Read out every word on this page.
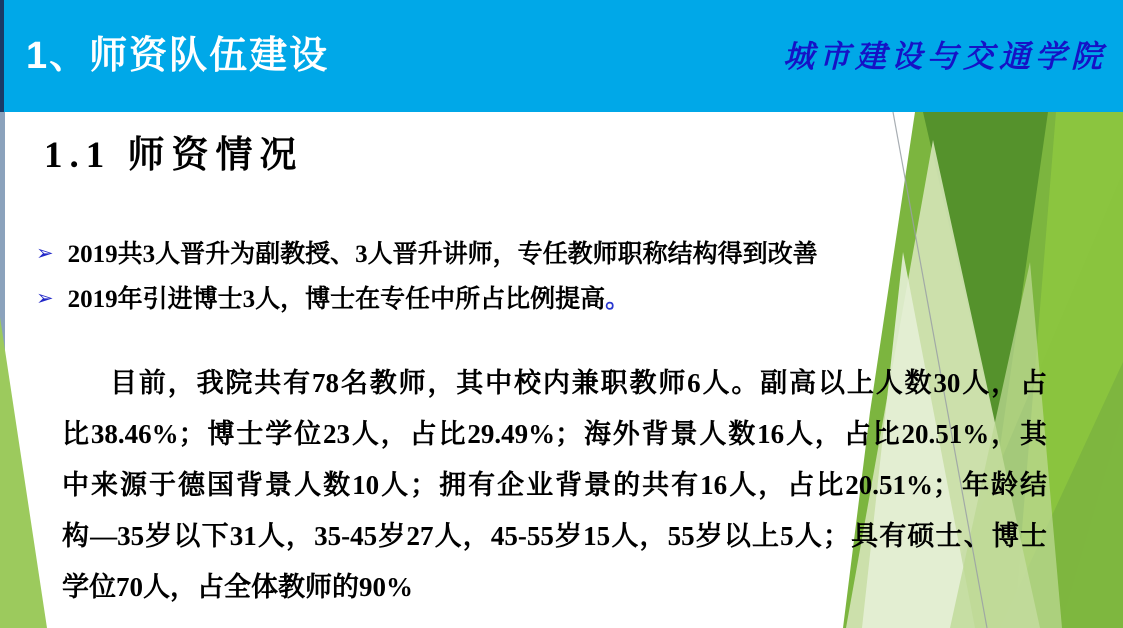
1、师资队伍建设	城市建设与交通学院
1.1 师资情况
➢ 2019共3人晋升为副教授、3人晋升讲师，专任教师职称结构得到改善
➢ 2019年引进博士3人，博士在专任中所占比例提高。
目前，我院共有78名教师，其中校内兼职教师6人。副高以上人数30人，占
比38.46%；博士学位23人，占比29.49%；海外背景人数16人，占比20.51%，其
中来源于德国背景人数10人；拥有企业背景的共有16人，占比20.51%；年龄结
构—35岁以下31人，35-45岁27人，45-55岁15人，55岁以上5人；具有硕士、博士
学位70人，占全体教师的90%
